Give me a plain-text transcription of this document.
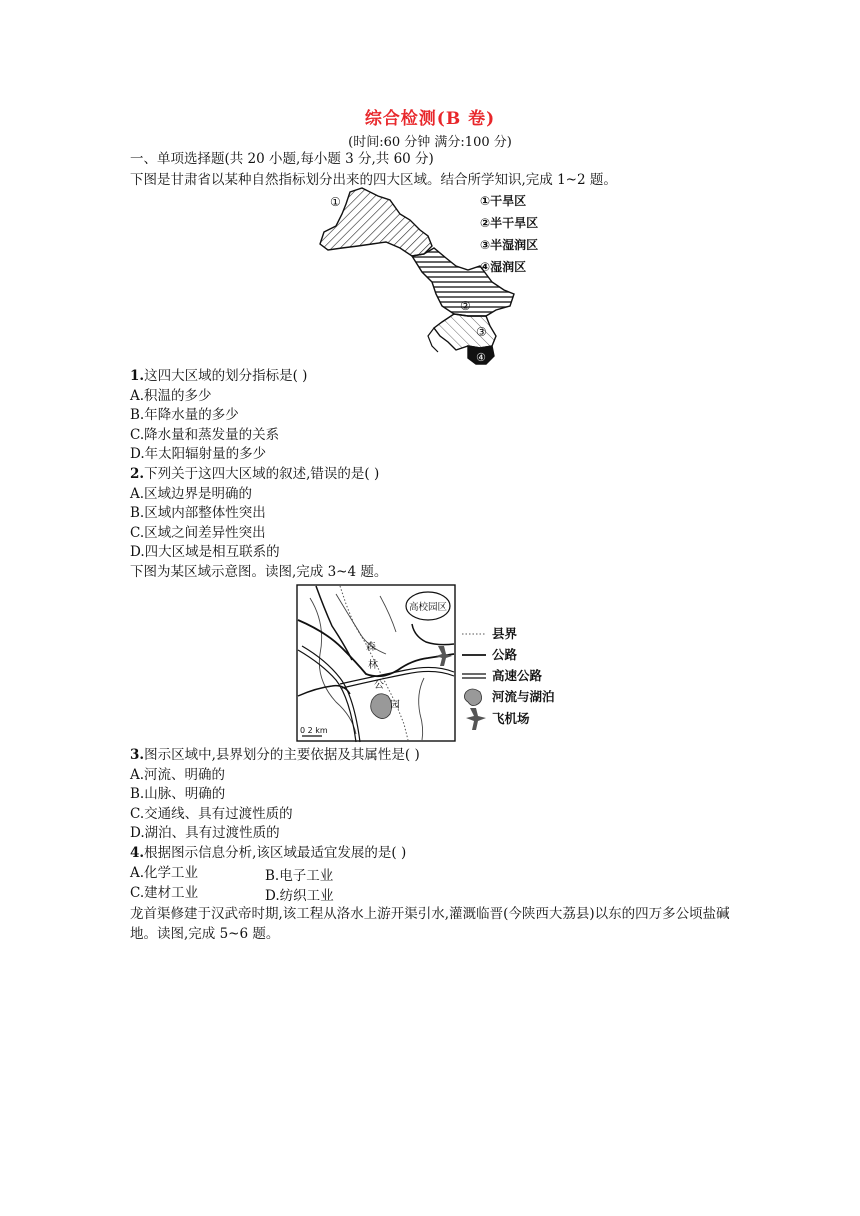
综合检测(B 卷)
(时间:60 分钟 满分:100 分)
一、单项选择题(共 20 小题,每小题 3 分,共 60 分)
下图是甘肃省以某种自然指标划分出来的四大区域。结合所学知识,完成 1~2 题。
①
②
③
④
①干旱区
②半干旱区
③半湿润区
④湿润区
1.这四大区域的划分指标是( )
A.积温的多少
B.年降水量的多少
C.降水量和蒸发量的关系
D.年太阳辐射量的多少
2.下列关于这四大区域的叙述,错误的是( )
A.区域边界是明确的
B.区域内部整体性突出
C.区域之间差异性突出
D.四大区域是相互联系的
下图为某区域示意图。读图,完成 3~4 题。
高校园区
森
林
公
园
0 2 km
县界
公路
高速公路
河流与湖泊
飞机场
3.图示区域中,县界划分的主要依据及其属性是( )
A.河流、明确的
B.山脉、明确的
C.交通线、具有过渡性质的
D.湖泊、具有过渡性质的
4.根据图示信息分析,该区域最适宜发展的是( )
A.化学工业	B.电子工业
C.建材工业	D.纺织工业
龙首渠修建于汉武帝时期,该工程从洛水上游开渠引水,灌溉临晋(今陕西大荔县)以东的四万多公顷盐碱地。读图,完成 5~6 题。
